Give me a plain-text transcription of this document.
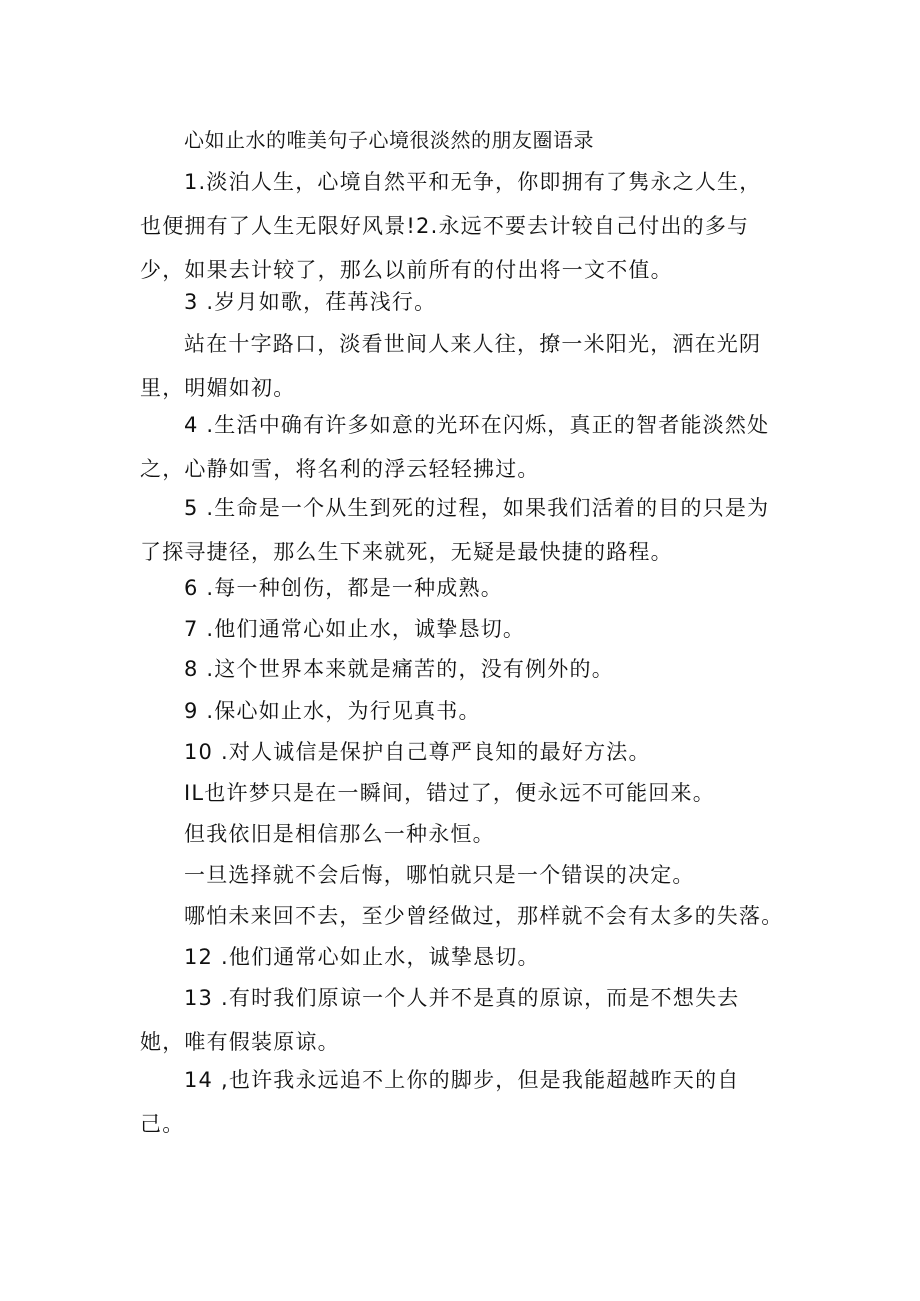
心如止水的唯美句子心境很淡然的朋友圈语录
1.淡泊人生，心境自然平和无争，你即拥有了隽永之人生，也便拥有了人生无限好风景!2.永远不要去计较自己付出的多与少，如果去计较了，那么以前所有的付出将一文不值。
3 .岁月如歌，荏苒浅行。
站在十字路口，淡看世间人来人往，撩一米阳光，洒在光阴里，明媚如初。
4 .生活中确有许多如意的光环在闪烁，真正的智者能淡然处之，心静如雪，将名利的浮云轻轻拂过。
5 .生命是一个从生到死的过程，如果我们活着的目的只是为了探寻捷径，那么生下来就死，无疑是最快捷的路程。
6 .每一种创伤，都是一种成熟。
7 .他们通常心如止水，诚挚恳切。
8 .这个世界本来就是痛苦的，没有例外的。
9 .保心如止水，为行见真书。
10 .对人诚信是保护自己尊严良知的最好方法。
IL也许梦只是在一瞬间，错过了，便永远不可能回来。
但我依旧是相信那么一种永恒。
一旦选择就不会后悔，哪怕就只是一个错误的决定。
哪怕未来回不去，至少曾经做过，那样就不会有太多的失落。
12 .他们通常心如止水，诚挚恳切。
13 .有时我们原谅一个人并不是真的原谅，而是不想失去她，唯有假装原谅。
14 ,也许我永远追不上你的脚步，但是我能超越昨天的自己。
